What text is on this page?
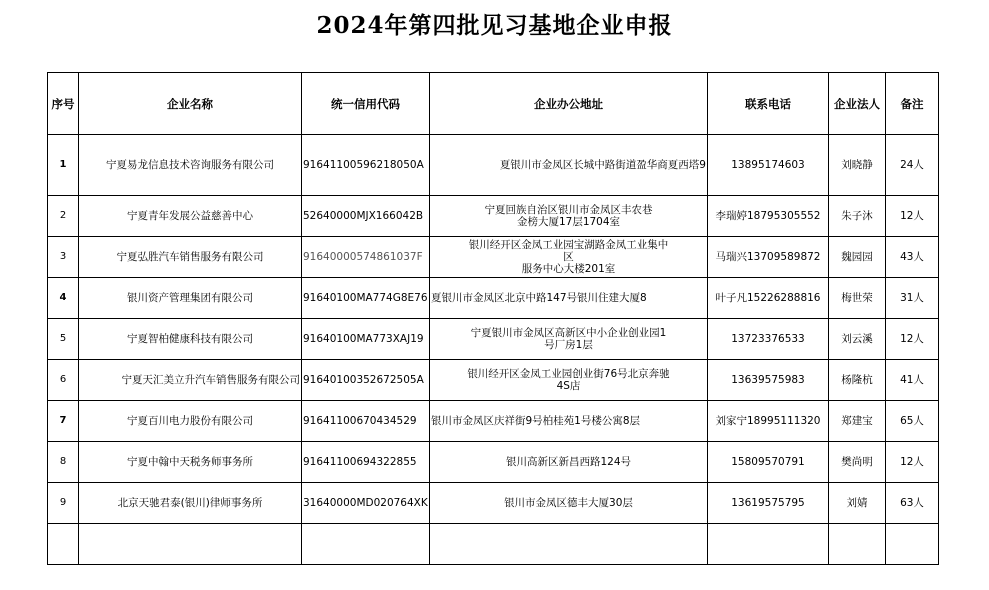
2024年第四批见习基地企业申报
序号	企业名称	统一信用代码	企业办公地址	联系电话	企业法人	备注
1	宁夏易龙信息技术咨询服务有限公司	91641100596218050A	夏银川市金凤区长城中路街道盈华商夏西塔9	13895174603	刘晓静	24人
2	宁夏青年发展公益慈善中心	52640000MJX166042B	宁夏回族自治区银川市金凤区丰农巷
金榜大厦17层1704室	李瑞婷18795305552	朱子沐	12人
3	宁夏弘胜汽车销售服务有限公司	91640000574861037F	银川经开区金凤工业园宝湖路金凤工业集中
区
服务中心大楼201室	马瑞兴13709589872	魏园园	43人
4	银川资产管理集团有限公司	91640100MA774G8E76	夏银川市金凤区北京中路147号银川住建大厦8	叶子凡15226288816	梅世荣	31人
5	宁夏智柏健康科技有限公司	91640100MA773XAJ19	宁夏银川市金凤区高新区中小企业创业园1
号厂房1层	13723376533	刘云溪	12人
6	宁夏天汇美立升汽车销售服务有限公司	91640100352672505A	银川经开区金凤工业园创业街76号北京奔驰
4S店	13639575983	杨隆杭	41人
7	宁夏百川电力股份有限公司	91641100670434529	银川市金凤区庆祥街9号柏桂苑1号楼公寓8层	刘家宁18995111320	郑建宝	65人
8	宁夏中翰中天税务师事务所	91641100694322855	银川高新区新昌西路124号	15809570791	樊尚明	12人
9	北京天驰君泰(银川)律师事务所	31640000MD020764XK	银川市金凤区德丰大厦30层	13619575795	刘婧	63人
